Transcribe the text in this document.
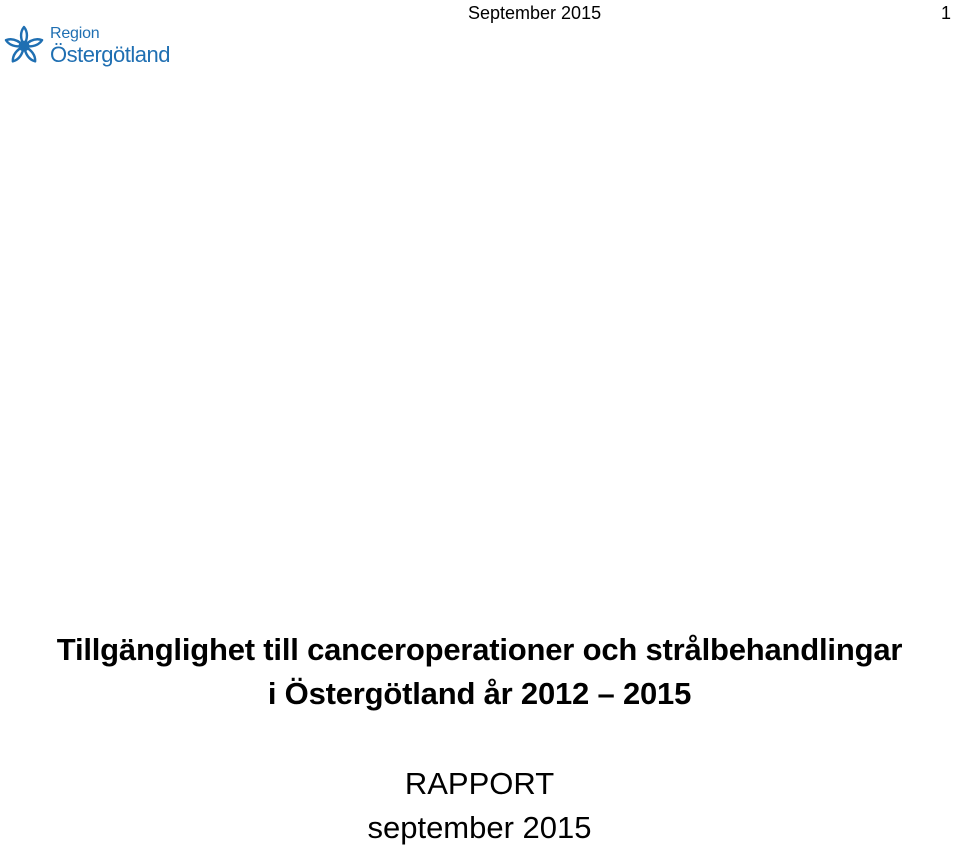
Region
Östergötland
September 2015	1
Tillgänglighet till canceroperationer och strålbehandlingar
i Östergötland år 2012 – 2015
RAPPORT
september 2015
